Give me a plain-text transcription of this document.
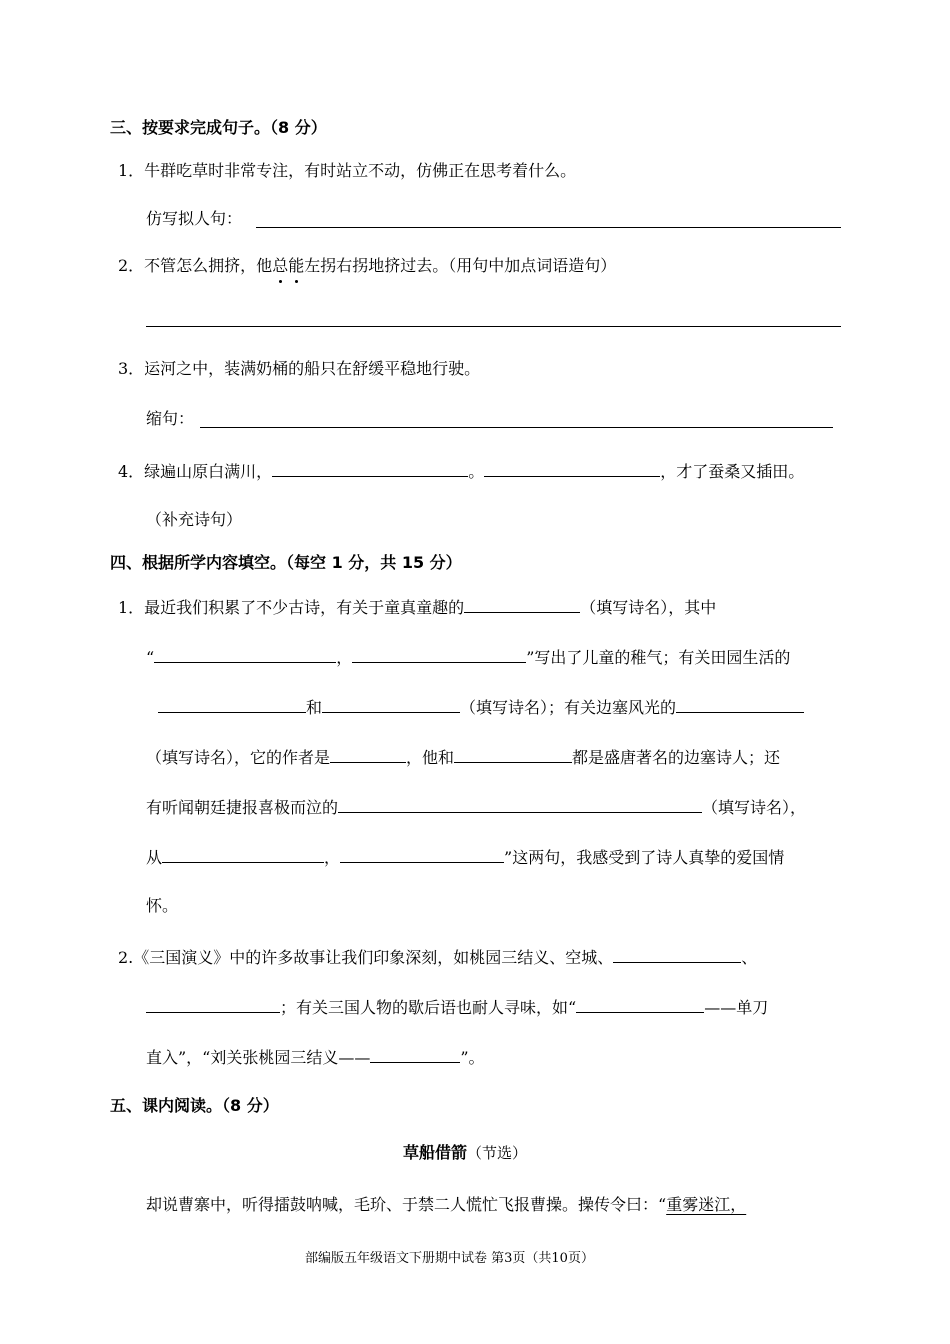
三、按要求完成句子。（8 分）
1．牛群吃草时非常专注，有时站立不动，仿佛正在思考着什么。
仿写拟人句：
2．不管怎么拥挤，他总能左拐右拐地挤过去。（用句中加点词语造句）
3．运河之中，装满奶桶的船只在舒缓平稳地行驶。
缩句：
4．绿遍山原白满川，	。	，才了蚕桑又插田。
（补充诗句）
四、根据所学内容填空。（每空 1 分，共 15 分）
1．最近我们积累了不少古诗，有关于童真童趣的	（填写诗名），其中
“	，	”写出了儿童的稚气；有关田园生活的
和	（填写诗名）；有关边塞风光的
（填写诗名），它的作者是	，他和	都是盛唐著名的边塞诗人；还
有听闻朝廷捷报喜极而泣的	（填写诗名），
从	，	”这两句，我感受到了诗人真挚的爱国情
怀。
2.《三国演义》中的许多故事让我们印象深刻，如桃园三结义、空城、	、
；有关三国人物的歇后语也耐人寻味，如“	——单刀
直入”，“刘关张桃园三结义——	”。
五、课内阅读。（8 分）
草船借箭（节选）
却说曹寨中，听得擂鼓呐喊，毛玠、于禁二人慌忙飞报曹操。操传令曰：“重雾迷江，
部编版五年级语文下册期中试卷 第3页（共10页）
